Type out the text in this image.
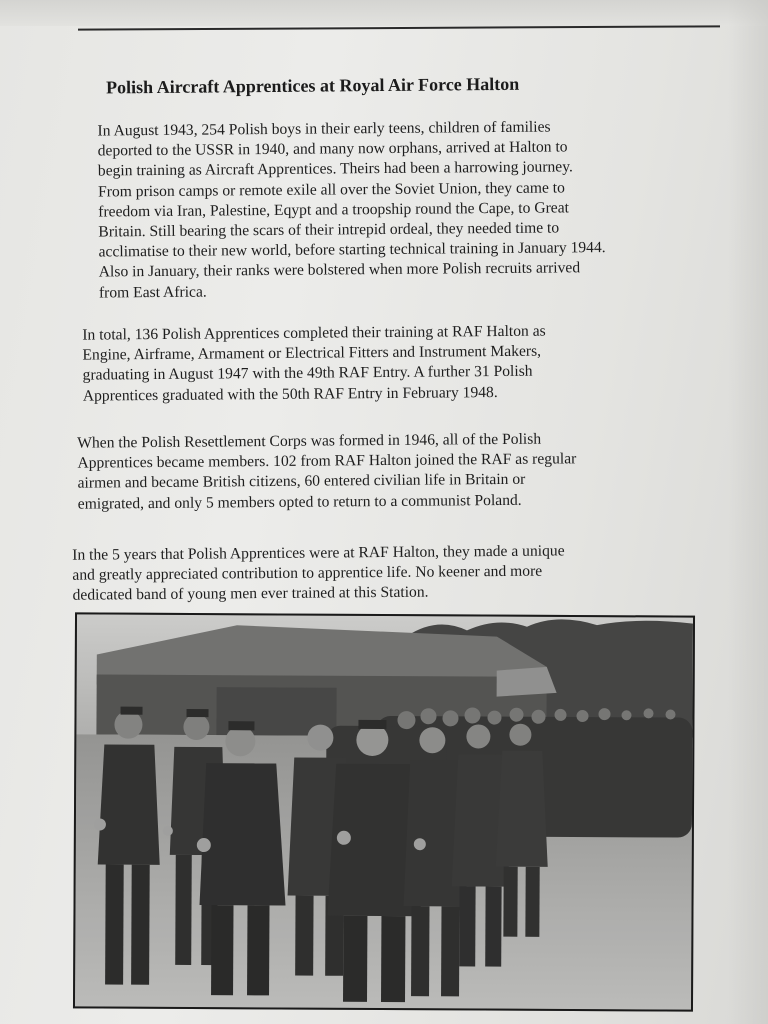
Polish Aircraft Apprentices at Royal Air Force Halton
In August 1943, 254 Polish boys in their early teens, children of families
deported to the USSR in 1940, and many now orphans, arrived at Halton to
begin training as Aircraft Apprentices. Theirs had been a harrowing journey.
From prison camps or remote exile all over the Soviet Union, they came to
freedom via Iran, Palestine, Eqypt and a troopship round the Cape, to Great
Britain. Still bearing the scars of their intrepid ordeal, they needed time to
acclimatise to their new world, before starting technical training in January 1944.
Also in January, their ranks were bolstered when more Polish recruits arrived
from East Africa.
In total, 136 Polish Apprentices completed their training at RAF Halton as
Engine, Airframe, Armament or Electrical Fitters and Instrument Makers,
graduating in August 1947 with the 49th RAF Entry. A further 31 Polish
Apprentices graduated with the 50th RAF Entry in February 1948.
When the Polish Resettlement Corps was formed in 1946, all of the Polish
Apprentices became members. 102 from RAF Halton joined the RAF as regular
airmen and became British citizens, 60 entered civilian life in Britain or
emigrated, and only 5 members opted to return to a communist Poland.
In the 5 years that Polish Apprentices were at RAF Halton, they made a unique
and greatly appreciated contribution to apprentice life. No keener and more
dedicated band of young men ever trained at this Station.
